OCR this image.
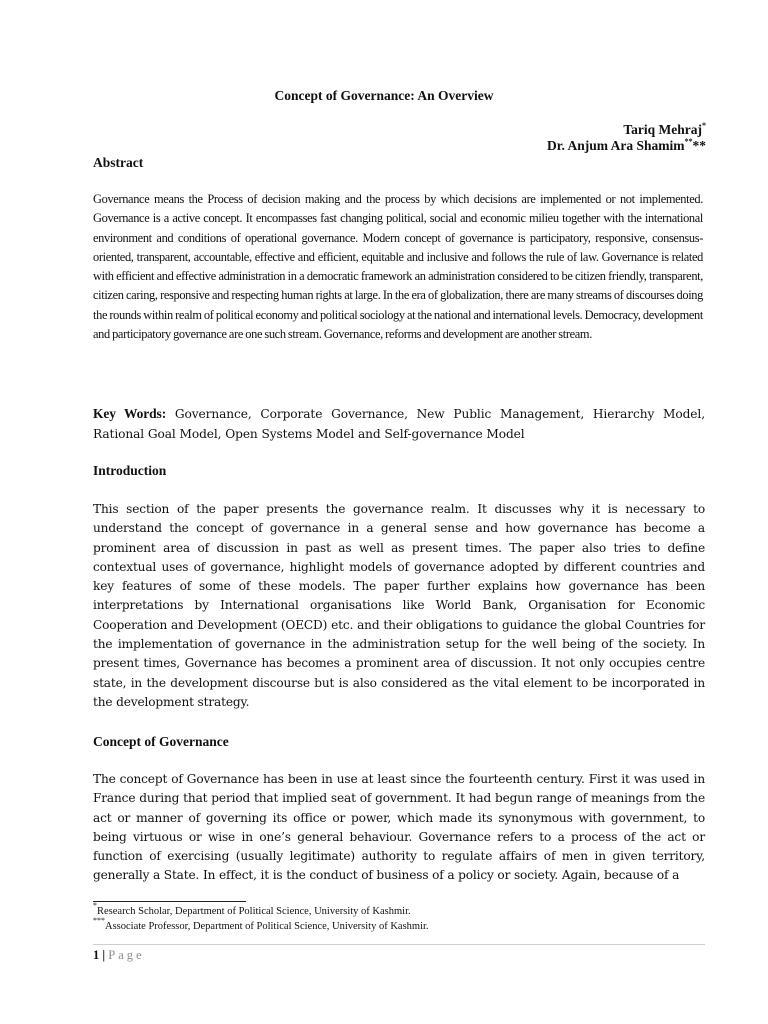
Concept of Governance: An Overview
Tariq Mehraj*
Dr. Anjum Ara Shamim****
Abstract
Governance means the Process of decision making and the process by which decisions are implemented or not implemented. Governance is a active concept. It encompasses fast changing political, social and economic milieu together with the international environment and conditions of operational governance. Modern concept of governance is participatory, responsive, consensus-oriented, transparent, accountable, effective and efficient, equitable and inclusive and follows the rule of law. Governance is related with efficient and effective administration in a democratic framework an administration considered to be citizen friendly, transparent, citizen caring, responsive and respecting human rights at large. In the era of globalization, there are many streams of discourses doing the rounds within realm of political economy and political sociology at the national and international levels. Democracy, development and participatory governance are one such stream. Governance, reforms and development are another stream.
Key Words: Governance, Corporate Governance, New Public Management, Hierarchy Model, Rational Goal Model, Open Systems Model and Self-governance Model
Introduction
This section of the paper presents the governance realm. It discusses why it is necessary to understand the concept of governance in a general sense and how governance has become a prominent area of discussion in past as well as present times. The paper also tries to define contextual uses of governance, highlight models of governance adopted by different countries and key features of some of these models. The paper further explains how governance has been interpretations by International organisations like World Bank, Organisation for Economic Cooperation and Development (OECD) etc. and their obligations to guidance the global Countries for the implementation of governance in the administration setup for the well being of the society. In present times, Governance has becomes a prominent area of discussion. It not only occupies centre state, in the development discourse but is also considered as the vital element to be incorporated in the development strategy.
Concept of Governance
The concept of Governance has been in use at least since the fourteenth century. First it was used in France during that period that implied seat of government. It had begun range of meanings from the act or manner of governing its office or power, which made its synonymous with government, to being virtuous or wise in one’s general behaviour. Governance refers to a process of the act or function of exercising (usually legitimate) authority to regulate affairs of men in given territory, generally a State. In effect, it is the conduct of business of a policy or society. Again, because of a
*Research Scholar, Department of Political Science, University of Kashmir.
***Associate Professor, Department of Political Science, University of Kashmir.
1 | Page
